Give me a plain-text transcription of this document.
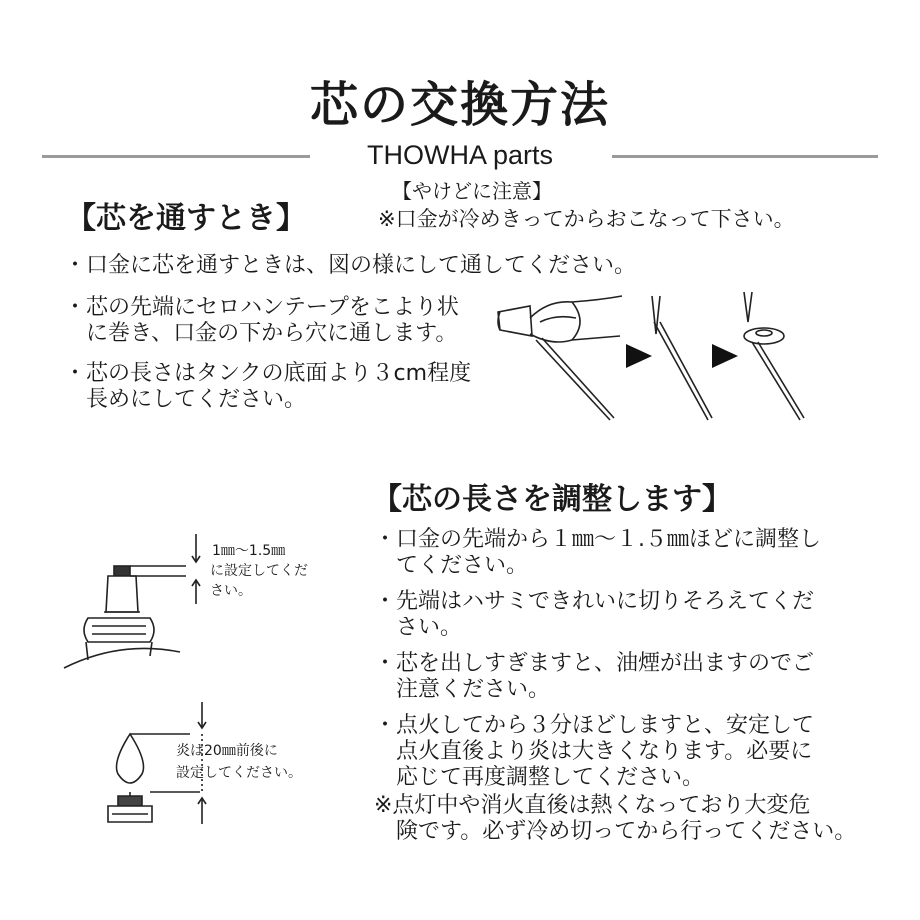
芯の交換方法
THOWHA parts
【芯を通すとき】
【やけどに注意】
※口金が冷めきってからおこなって下さい。
・口金に芯を通すときは、図の様にして通してください。
・芯の先端にセロハンテープをこより状
　に巻き、口金の下から穴に通します。
・芯の長さはタンクの底面より３cm程度
　長めにしてください。
【芯の長さを調整します】
・口金の先端から１㎜～１.５㎜ほどに調整し
　てください。
・先端はハサミできれいに切りそろえてくだ
　さい。
・芯を出しすぎますと、油煙が出ますのでご
　注意ください。
・点火してから３分ほどしますと、安定して
　点火直後より炎は大きくなります。必要に
　応じて再度調整してください。
※点灯中や消火直後は熱くなっており大変危
　険です。必ず冷め切ってから行ってください。
1㎜～1.5㎜
に設定してくだ
さい。
炎は20㎜前後に
設定してください。
